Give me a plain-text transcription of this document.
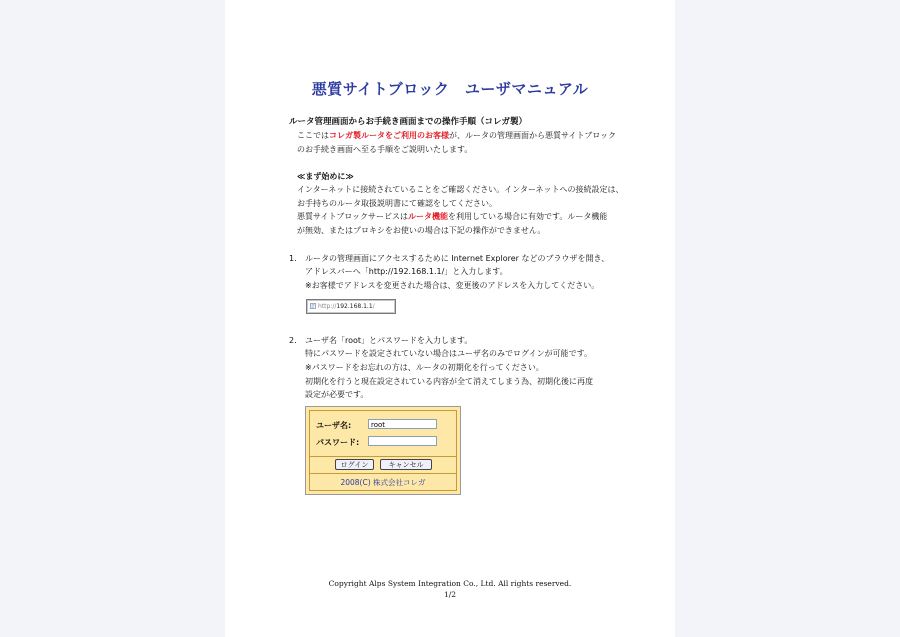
悪質サイトブロック　ユーザマニュアル
ルータ管理画面からお手続き画面までの操作手順（コレガ製）
ここではコレガ製ルータをご利用のお客様が、ルータの管理画面から悪質サイトブロック
のお手続き画面へ至る手順をご説明いたします。
≪まず始めに≫
インターネットに接続されていることをご確認ください。インターネットへの接続設定は、
お手持ちのルータ取扱説明書にて確認をしてください。
悪質サイトブロックサービスはルータ機能を利用している場合に有効です。ルータ機能
が無効、またはプロキシをお使いの場合は下記の操作ができません。
1. ルータの管理画面にアクセスするために Internet Explorer などのブラウザを開き、
アドレスバーへ「http://192.168.1.1/」と入力します。
※お客様でアドレスを変更された場合は、変更後のアドレスを入力してください。
http://192.168.1.1/
2. ユーザ名「root」とパスワードを入力します。
特にパスワードを設定されていない場合はユーザ名のみでログインが可能です。
※パスワードをお忘れの方は、ルータの初期化を行ってください。
初期化を行うと現在設定されている内容が全て消えてしまう為、初期化後に再度
設定が必要です。
ユーザ名:	root
パスワード:
ログイン	キャンセル
2008(C) 株式会社コレガ
Copyright Alps System Integration Co., Ltd. All rights reserved.
1/2
